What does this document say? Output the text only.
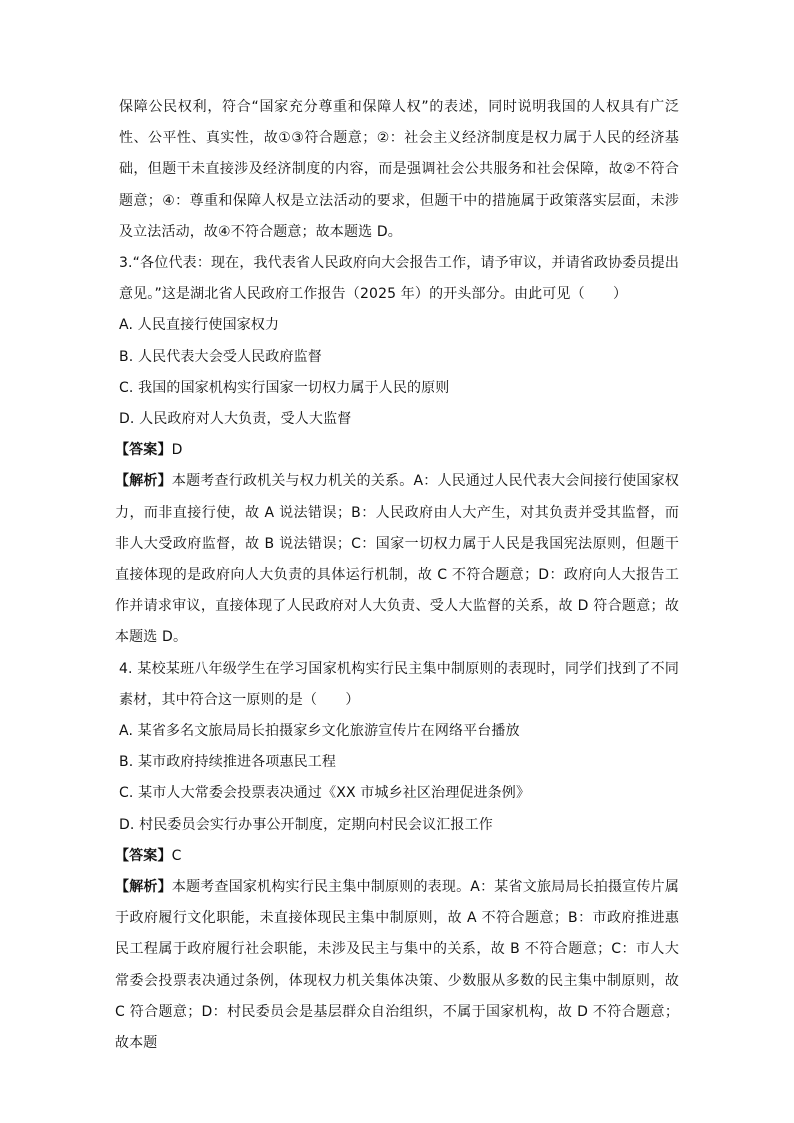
保障公民权利，符合“国家充分尊重和保障人权”的表述，同时说明我国的人权具有广泛性、公平性、真实性，故①③符合题意；②：社会主义经济制度是权力属于人民的经济基础，但题干未直接涉及经济制度的内容，而是强调社会公共服务和社会保障，故②不符合题意；④：尊重和保障人权是立法活动的要求，但题干中的措施属于政策落实层面，未涉及立法活动，故④不符合题意；故本题选 D。

3.“各位代表：现在，我代表省人民政府向大会报告工作，请予审议，并请省政协委员提出意见。”这是湖北省人民政府工作报告（2025 年）的开头部分。由此可见（　　）

A. 人民直接行使国家权力

B. 人民代表大会受人民政府监督

C. 我国的国家机构实行国家一切权力属于人民的原则

D. 人民政府对人大负责，受人大监督

【答案】D

【解析】本题考查行政机关与权力机关的关系。A：人民通过人民代表大会间接行使国家权力，而非直接行使，故 A 说法错误；B：人民政府由人大产生，对其负责并受其监督，而非人大受政府监督，故 B 说法错误；C：国家一切权力属于人民是我国宪法原则，但题干直接体现的是政府向人大负责的具体运行机制，故 C 不符合题意；D：政府向人大报告工作并请求审议，直接体现了人民政府对人大负责、受人大监督的关系，故 D 符合题意；故本题选 D。

4. 某校某班八年级学生在学习国家机构实行民主集中制原则的表现时，同学们找到了不同素材，其中符合这一原则的是（　　）

A. 某省多名文旅局局长拍摄家乡文化旅游宣传片在网络平台播放

B. 某市政府持续推进各项惠民工程

C. 某市人大常委会投票表决通过《XX 市城乡社区治理促进条例》

D. 村民委员会实行办事公开制度，定期向村民会议汇报工作

【答案】C

【解析】本题考查国家机构实行民主集中制原则的表现。A：某省文旅局局长拍摄宣传片属于政府履行文化职能，未直接体现民主集中制原则，故 A 不符合题意；B：市政府推进惠民工程属于政府履行社会职能，未涉及民主与集中的关系，故 B 不符合题意；C：市人大常委会投票表决通过条例，体现权力机关集体决策、少数服从多数的民主集中制原则，故 C 符合题意；D：村民委员会是基层群众自治组织，不属于国家机构，故 D 不符合题意；故本题
